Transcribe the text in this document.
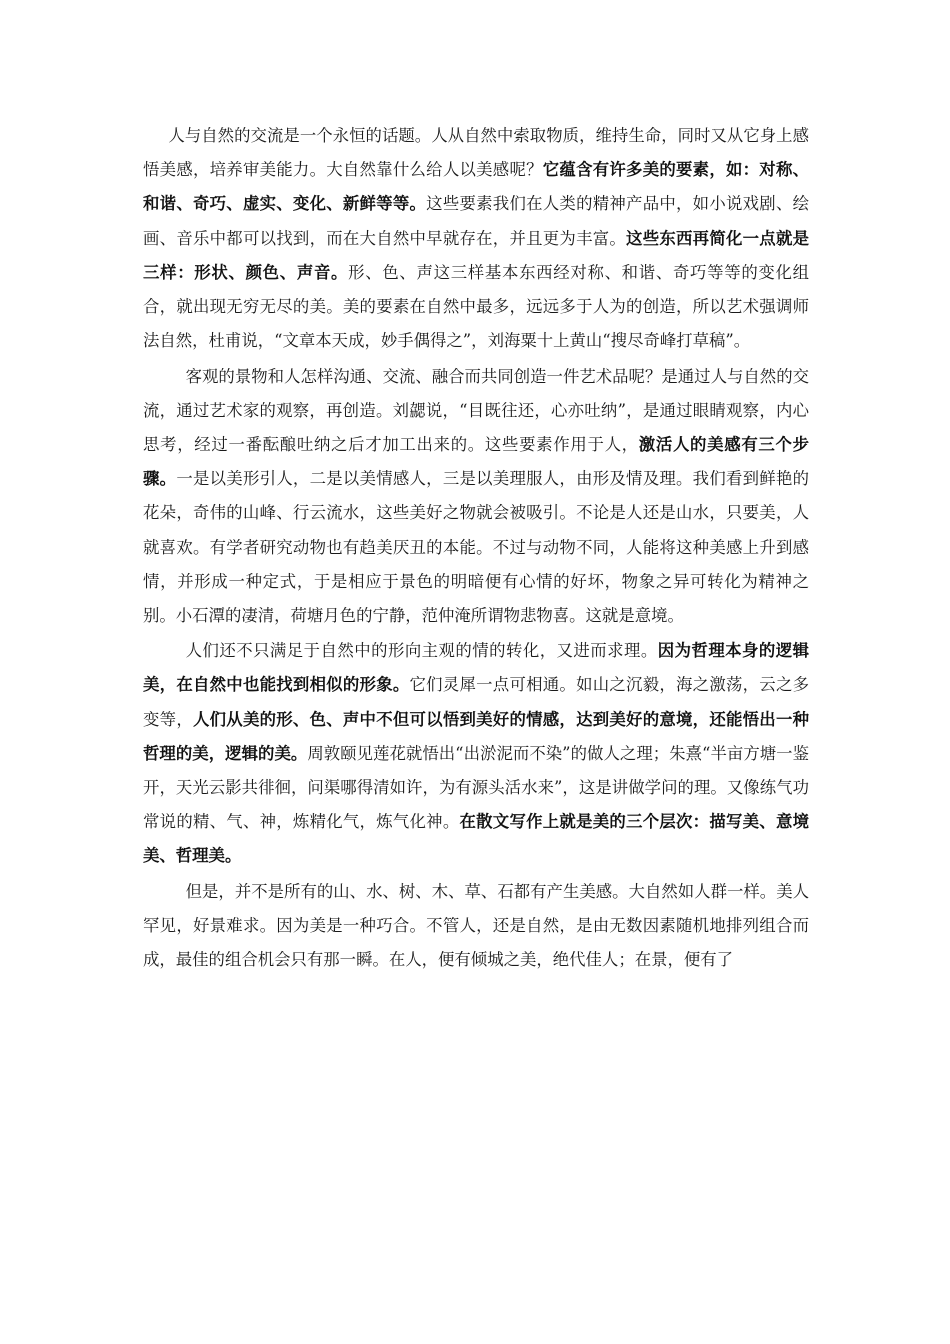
人与自然的交流是一个永恒的话题。人从自然中索取物质，维持生命，同时又从它身上感悟美感，培养审美能力。大自然靠什么给人以美感呢？它蕴含有许多美的要素，如：对称、和谐、奇巧、虚实、变化、新鲜等等。这些要素我们在人类的精神产品中，如小说戏剧、绘画、音乐中都可以找到，而在大自然中早就存在，并且更为丰富。这些东西再简化一点就是三样：形状、颜色、声音。形、色、声这三样基本东西经对称、和谐、奇巧等等的变化组合，就出现无穷无尽的美。美的要素在自然中最多，远远多于人为的创造，所以艺术强调师法自然，杜甫说，“文章本天成，妙手偶得之”，刘海粟十上黄山“搜尽奇峰打草稿”。

客观的景物和人怎样沟通、交流、融合而共同创造一件艺术品呢？是通过人与自然的交流，通过艺术家的观察，再创造。刘勰说，“目既往还，心亦吐纳”，是通过眼睛观察，内心思考，经过一番酝酿吐纳之后才加工出来的。这些要素作用于人，激活人的美感有三个步骤。一是以美形引人，二是以美情感人，三是以美理服人，由形及情及理。我们看到鲜艳的花朵，奇伟的山峰、行云流水，这些美好之物就会被吸引。不论是人还是山水，只要美，人就喜欢。有学者研究动物也有趋美厌丑的本能。不过与动物不同，人能将这种美感上升到感情，并形成一种定式，于是相应于景色的明暗便有心情的好坏，物象之异可转化为精神之别。小石潭的凄清，荷塘月色的宁静，范仲淹所谓物悲物喜。这就是意境。

人们还不只满足于自然中的形向主观的情的转化，又进而求理。因为哲理本身的逻辑美，在自然中也能找到相似的形象。它们灵犀一点可相通。如山之沉毅，海之激荡，云之多变等，人们从美的形、色、声中不但可以悟到美好的情感，达到美好的意境，还能悟出一种哲理的美，逻辑的美。周敦颐见莲花就悟出“出淤泥而不染”的做人之理；朱熹“半亩方塘一鉴开，天光云影共徘徊，问渠哪得清如许，为有源头活水来”，这是讲做学问的理。又像练气功常说的精、气、神，炼精化气，炼气化神。在散文写作上就是美的三个层次：描写美、意境美、哲理美。

但是，并不是所有的山、水、树、木、草、石都有产生美感。大自然如人群一样。美人罕见，好景难求。因为美是一种巧合。不管人，还是自然，是由无数因素随机地排列组合而成，最佳的组合机会只有那一瞬。在人，便有倾城之美，绝代佳人；在景，便有了
